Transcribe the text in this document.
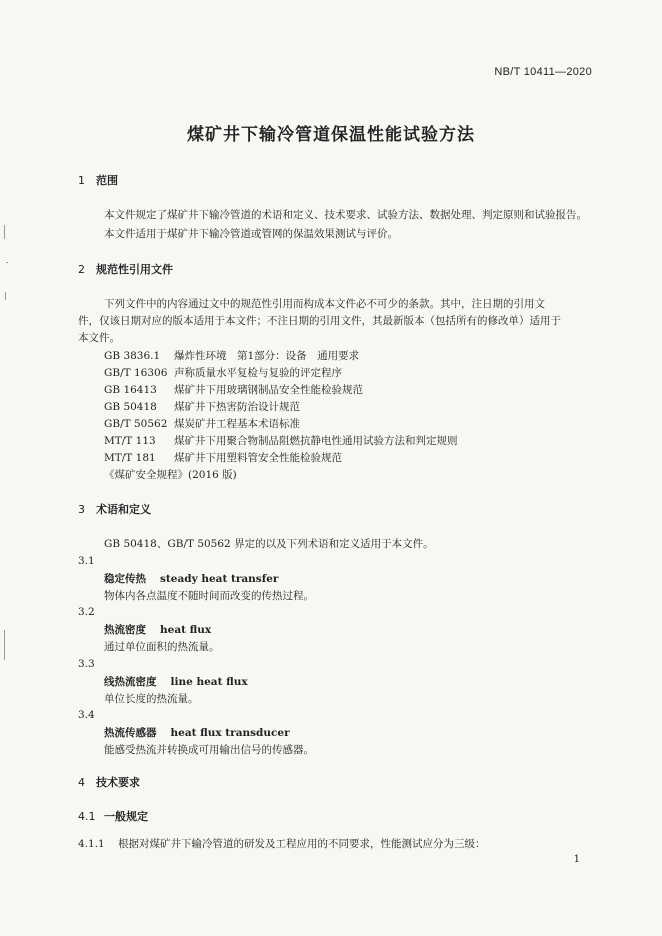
NB/T 10411—2020
煤矿井下输冷管道保温性能试验方法
1 范围
本文件规定了煤矿井下输冷管道的术语和定义、技术要求、试验方法、数据处理、判定原则和试验报告。
本文件适用于煤矿井下输冷管道或管网的保温效果测试与评价。
2 规范性引用文件
下列文件中的内容通过文中的规范性引用而构成本文件必不可少的条款。其中，注日期的引用文
件，仅该日期对应的版本适用于本文件；不注日期的引用文件，其最新版本（包括所有的修改单）适用于
本文件。
GB 3836.1 爆炸性环境　第1部分：设备　通用要求
GB/T 16306 声称质量水平复检与复验的评定程序
GB 16413 煤矿井下用玻璃钢制品安全性能检验规范
GB 50418 煤矿井下热害防治设计规范
GB/T 50562 煤炭矿井工程基本术语标准
MT/T 113 煤矿井下用聚合物制品阻燃抗静电性通用试验方法和判定规则
MT/T 181 煤矿井下用塑料管安全性能检验规范
《煤矿安全规程》(2016 版)
3 术语和定义
GB 50418、GB/T 50562 界定的以及下列术语和定义适用于本文件。
3.1
稳定传热 steady heat transfer
物体内各点温度不随时间而改变的传热过程。
3.2
热流密度 heat flux
通过单位面积的热流量。
3.3
线热流密度 line heat flux
单位长度的热流量。
3.4
热流传感器 heat flux transducer
能感受热流并转换成可用输出信号的传感器。
4 技术要求
4.1 一般规定
4.1.1 根据对煤矿井下输冷管道的研发及工程应用的不同要求，性能测试应分为三级：
1
